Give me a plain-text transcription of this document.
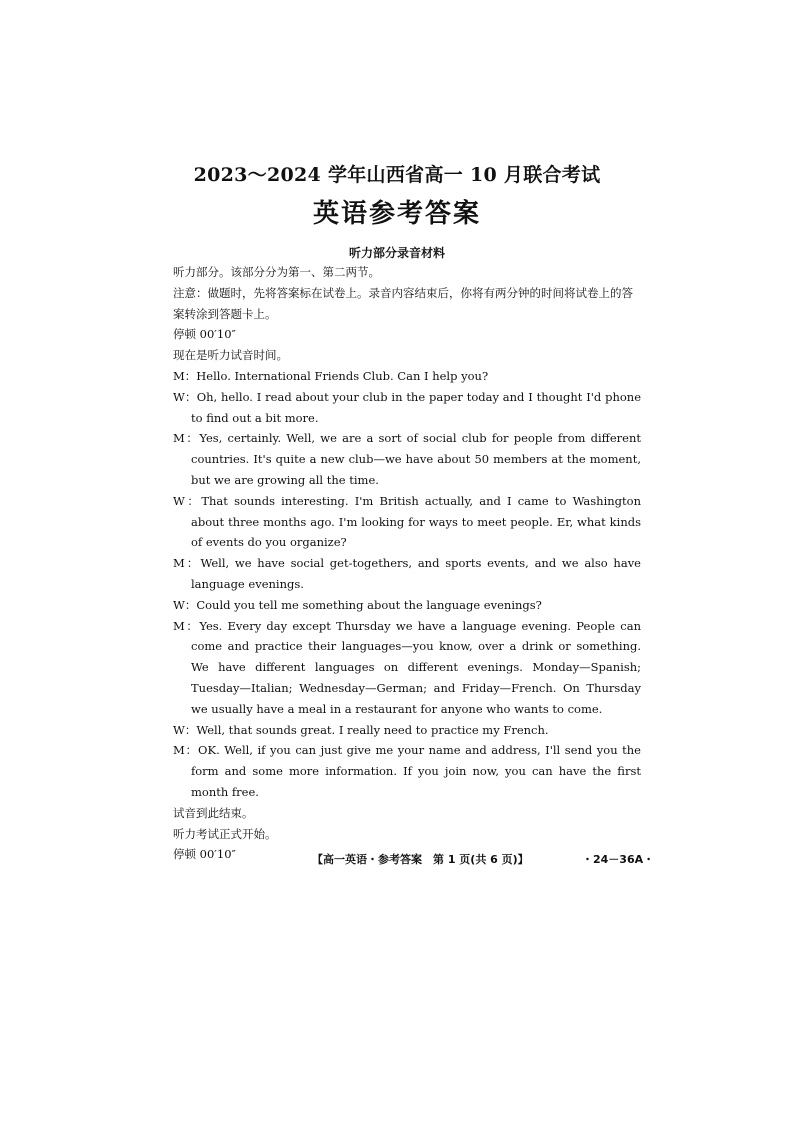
2023～2024 学年山西省高一 10 月联合考试
英语参考答案
听力部分录音材料

听力部分。该部分分为第一、第二两节。

注意：做题时，先将答案标在试卷上。录音内容结束后，你将有两分钟的时间将试卷上的答案转涂到答题卡上。

停顿 00′10″

现在是听力试音时间。

M：Hello. International Friends Club. Can I help you?

W：Oh, hello. I read about your club in the paper today and I thought I'd phone to find out a bit more.

M：Yes, certainly. Well, we are a sort of social club for people from different countries. It's quite a new club—we have about 50 members at the moment, but we are growing all the time.

W：That sounds interesting. I'm British actually, and I came to Washington about three months ago. I'm looking for ways to meet people. Er, what kinds of events do you organize?

M：Well, we have social get-togethers, and sports events, and we also have language evenings.

W：Could you tell me something about the language evenings?

M：Yes. Every day except Thursday we have a language evening. People can come and practice their languages—you know, over a drink or something. We have different languages on different evenings. Monday—Spanish; Tuesday—Italian; Wednesday—German; and Friday—French. On Thursday we usually have a meal in a restaurant for anyone who wants to come.

W：Well, that sounds great. I really need to practice my French.

M：OK. Well, if you can just give me your name and address, I'll send you the form and some more information. If you join now, you can have the first month free.

试音到此结束。

听力考试正式开始。

停顿 00′10″	【高一英语・参考答案　第 1 页(共 6 页)】	・24－36A・
